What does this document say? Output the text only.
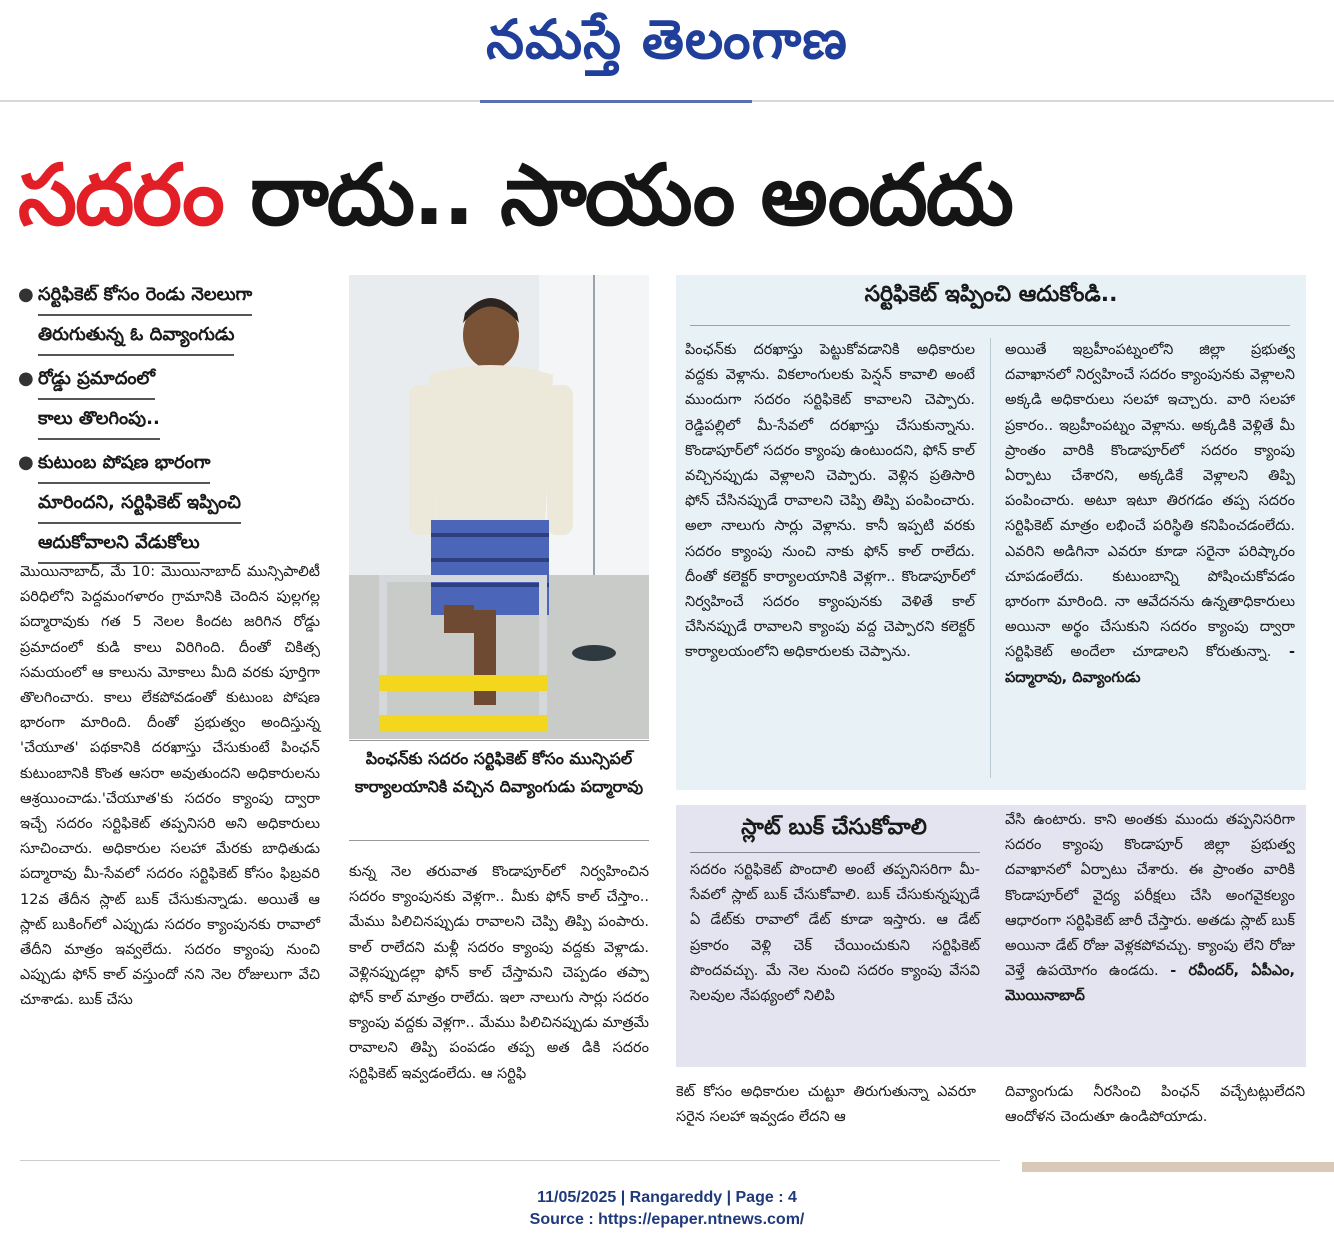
నమస్తే తెలంగాణ
సదరం రాదు.. సాయం అందదు
● సర్టిఫికెట్ కోసం రెండు నెలలుగా
తిరుగుతున్న ఓ దివ్యాంగుడు
● రోడ్డు ప్రమాదంలో
కాలు తొలగింపు..
● కుటుంబ పోషణ భారంగా
మారిందని, సర్టిఫికెట్ ఇప్పించి
ఆదుకోవాలని వేడుకోలు
మొయినాబాద్, మే 10: మొయినాబాద్ మున్సిపాలిటీ పరిధిలోని పెద్దమంగళారం గ్రామానికి చెందిన పుల్లగల్ల పద్మారావుకు గత 5 నెలల కిందట జరిగిన రోడ్డు ప్రమాదంలో కుడి కాలు విరిగింది. దీంతో చికిత్స సమయంలో ఆ కాలును మోకాలు మీది వరకు పూర్తిగా తొలగించారు. కాలు లేకపోవడంతో కుటుంబ పోషణ భారంగా మారింది. దీంతో ప్రభుత్వం అందిస్తున్న 'చేయూత' పథకానికి దరఖాస్తు చేసుకుంటే పింఛన్ కుటుంబానికి కొంత ఆసరా అవుతుందని అధికారులను ఆశ్రయించాడు.'చేయూత'కు సదరం క్యాంపు ద్వారా ఇచ్చే సదరం సర్టిఫికెట్ తప్పనిసరి అని అధికారులు సూచించారు. అధికారుల సలహా మేరకు బాధితుడు పద్మారావు మీ-సేవలో సదరం సర్టిఫికెట్ కోసం ఫిబ్రవరి 12వ తేదీన స్లాట్ బుక్ చేసుకున్నాడు. అయితే ఆ స్లాట్ బుకింగ్‌లో ఎప్పుడు సదరం క్యాంపునకు రావాలో తేదీని మాత్రం ఇవ్వలేదు. సదరం క్యాంపు నుంచి ఎప్పుడు ఫోన్ కాల్ వస్తుందో నని నెల రోజులుగా వేచి చూశాడు. బుక్ చేసు
పింఛన్‌కు సదరం సర్టిఫికెట్ కోసం మున్సిపల్ కార్యాలయానికి వచ్చిన దివ్యాంగుడు పద్మారావు
కున్న నెల తరువాత కొండాపూర్‌లో నిర్వహించిన సదరం క్యాంపునకు వెళ్లగా.. మీకు ఫోన్ కాల్ చేస్తాం.. మేము పిలిచినప్పుడు రావాలని చెప్పి తిప్పి పంపారు. కాల్ రాలేదని మళ్లీ సదరం క్యాంపు వద్దకు వెళ్లాడు. వెళ్లినప్పుడల్లా ఫోన్ కాల్ చేస్తామని చెప్పడం తప్పా ఫోన్ కాల్ మాత్రం రాలేదు. ఇలా నాలుగు సార్లు సదరం క్యాంపు వద్దకు వెళ్లగా.. మేము పిలిచినప్పుడు మాత్రమే రావాలని తిప్పి పంపడం తప్ప అత డికి సదరం సర్టిఫికెట్ ఇవ్వడంలేదు. ఆ సర్టిఫి
సర్టిఫికెట్ ఇప్పించి ఆదుకోండి..
పింఛన్‌కు దరఖాస్తు పెట్టుకోవడానికి అధికారుల వద్దకు వెళ్లాను. వికలాంగులకు పెన్షన్ కావాలి అంటే ముందుగా సదరం సర్టిఫికెట్ కావాలని చెప్పారు. రెడ్డిపల్లిలో మీ-సేవలో దరఖాస్తు చేసుకున్నాను. కొండాపూర్‌లో సదరం క్యాంపు ఉంటుందని, ఫోన్ కాల్ వచ్చినప్పుడు వెళ్లాలని చెప్పారు. వెళ్లిన ప్రతిసారి ఫోన్ చేసినప్పుడే రావాలని చెప్పి తిప్పి పంపించారు. అలా నాలుగు సార్లు వెళ్లాను. కానీ ఇప్పటి వరకు సదరం క్యాంపు నుంచి నాకు ఫోన్ కాల్ రాలేదు. దీంతో కలెక్టర్ కార్యాలయానికి వెళ్లగా.. కొండాపూర్‌లో నిర్వహించే సదరం క్యాంపునకు వెళితే కాల్ చేసినప్పుడే రావాలని క్యాంపు వద్ద చెప్పారని కలెక్టర్ కార్యాలయంలోని అధికారులకు చెప్పాను.
అయితే ఇబ్రహీంపట్నంలోని జిల్లా ప్రభుత్వ దవాఖానలో నిర్వహించే సదరం క్యాంపునకు వెళ్లాలని అక్కడి అధికారులు సలహా ఇచ్చారు. వారి సలహా ప్రకారం.. ఇబ్రహీంపట్నం వెళ్లాను. అక్కడికి వెళ్లితే మీ ప్రాంతం వారికి కొండాపూర్‌లో సదరం క్యాంపు ఏర్పాటు చేశారని, అక్కడికే వెళ్లాలని తిప్పి పంపించారు. అటూ ఇటూ తిరగడం తప్ప సదరం సర్టిఫికెట్ మాత్రం లభించే పరిస్థితి కనిపించడంలేదు. ఎవరిని అడిగినా ఎవరూ కూడా సరైనా పరిష్కారం చూపడంలేదు. కుటుంబాన్ని పోషించుకోవడం భారంగా మారింది. నా ఆవేదనను ఉన్నతాధికారులు అయినా అర్థం చేసుకుని సదరం క్యాంపు ద్వారా సర్టిఫికెట్ అందేలా చూడాలని కోరుతున్నా. - పద్మారావు, దివ్యాంగుడు
స్లాట్ బుక్ చేసుకోవాలి
సదరం సర్టిఫికెట్ పొందాలి అంటే తప్పనిసరిగా మీ-సేవలో స్లాట్ బుక్ చేసుకోవాలి. బుక్ చేసుకున్నప్పుడే ఏ డేట్‌కు రావాలో డేట్ కూడా ఇస్తారు. ఆ డేట్ ప్రకారం వెళ్లి చెక్ చేయించుకుని సర్టిఫికెట్ పొందవచ్చు. మే నెల నుంచి సదరం క్యాంపు వేసవి సెలవుల నేపథ్యంలో నిలిపి
వేసి ఉంటారు. కాని అంతకు ముందు తప్పనిసరిగా సదరం క్యాంపు కొండాపూర్ జిల్లా ప్రభుత్వ దవాఖానలో ఏర్పాటు చేశారు. ఈ ప్రాంతం వారికి కొండాపూర్‌లో వైద్య పరీక్షలు చేసి అంగవైకల్యం ఆధారంగా సర్టిఫికెట్ జారీ చేస్తారు. అతడు స్లాట్ బుక్ అయినా డేట్ రోజు వెళ్లకపోవచ్చు. క్యాంపు లేని రోజు వెళ్తే ఉపయోగం ఉండదు. - రవీందర్, ఏపీఎం, మొయినాబాద్
కెట్ కోసం అధికారుల చుట్టూ తిరుగుతున్నా ఎవరూ సరైన సలహా ఇవ్వడం లేదని ఆ
దివ్యాంగుడు నీరసించి పింఛన్ వచ్చేటట్లులేదని ఆందోళన చెందుతూ ఉండిపోయాడు.
11/05/2025 | Rangareddy | Page : 4
Source : https://epaper.ntnews.com/
